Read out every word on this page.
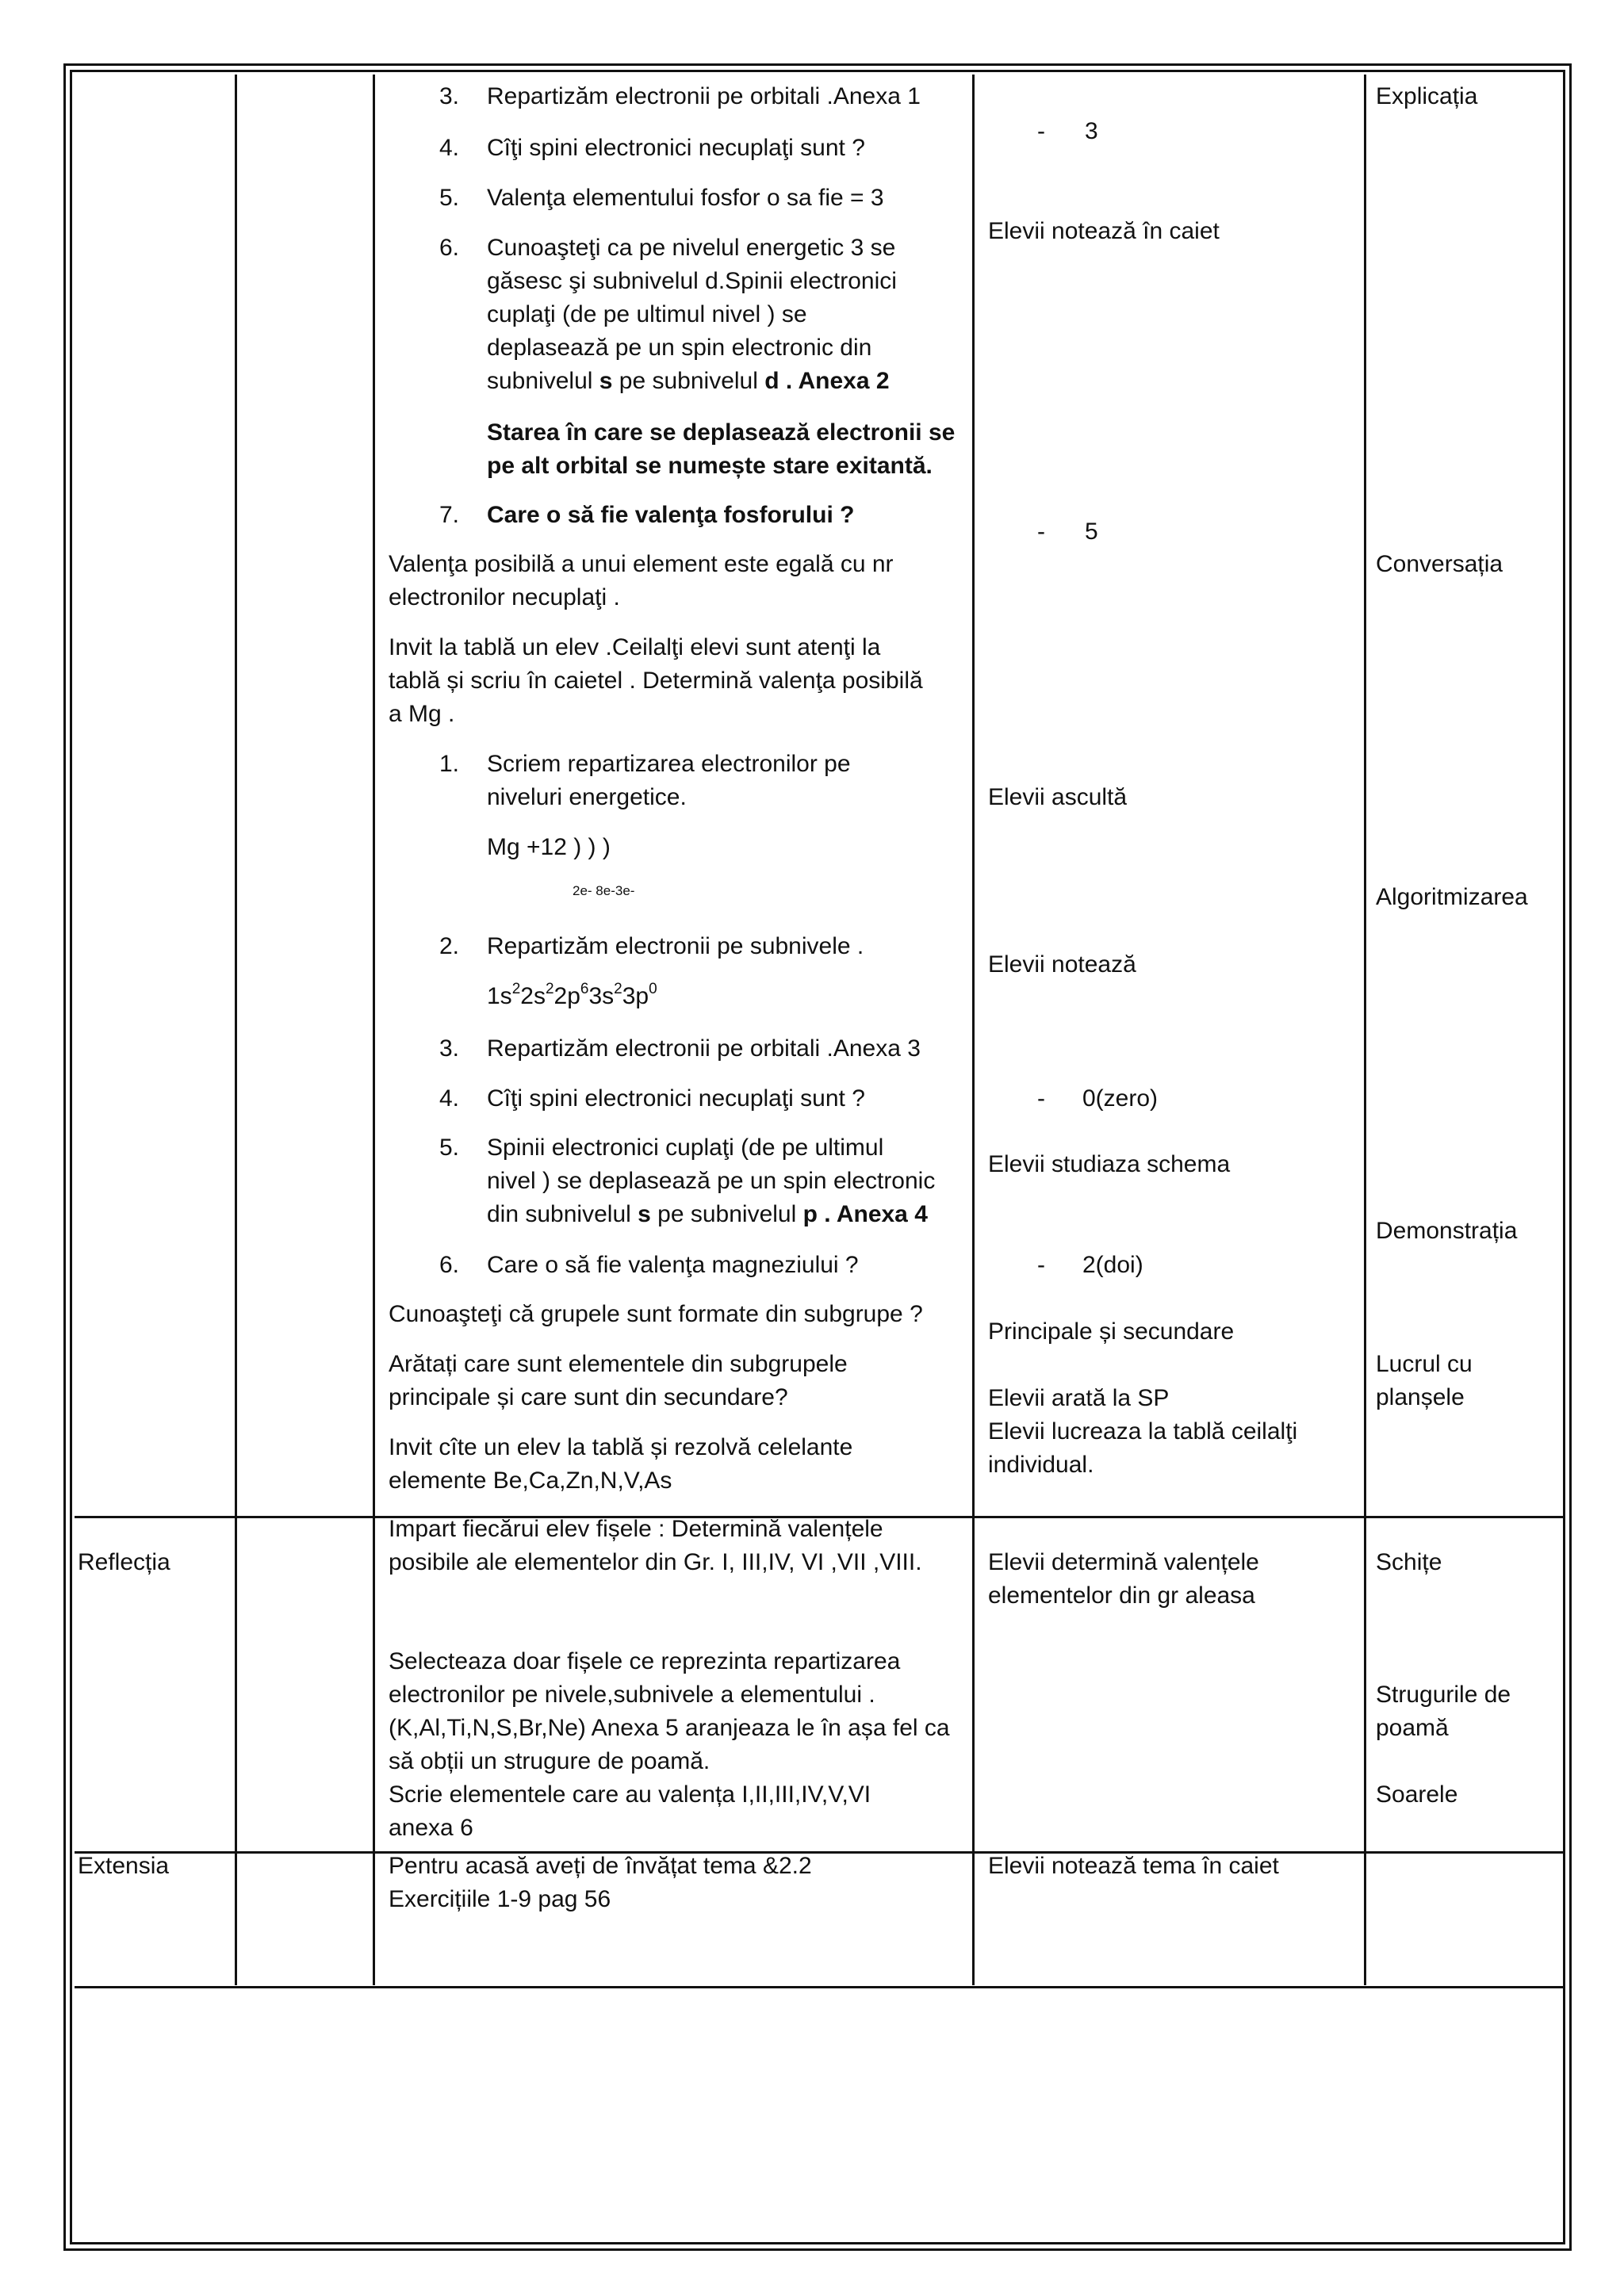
3. Repartizăm electronii pe orbitali .Anexa 1
4. Cîţi spini electronici necuplaţi sunt ?
5. Valenţa elementului fosfor o sa fie = 3
6. Cunoaşteţi ca pe nivelul energetic 3 se
găsesc şi subnivelul d.Spinii electronici
cuplaţi (de pe ultimul nivel ) se
deplasează pe un spin electronic din
subnivelul s pe subnivelul d . Anexa 2
Starea în care se deplasează electronii se
pe alt orbital se numește stare exitantă.
7. Care o să fie valenţa fosforului ?
Valenţa posibilă a unui element este egală cu nr
electronilor necuplaţi .
Invit la tablă un elev .Ceilalţi elevi sunt atenţi la
tablă și scriu în caietel . Determină valenţa posibilă
a Mg .
1. Scriem repartizarea electronilor pe
niveluri energetice.
Mg +12 ) ) )
2e- 8e-3e-
2. Repartizăm electronii pe subnivele .
$1s^22s^22p^63s^23p^0$
3. Repartizăm electronii pe orbitali .Anexa 3
4. Cîţi spini electronici necuplaţi sunt ?
5. Spinii electronici cuplaţi (de pe ultimul
nivel ) se deplasează pe un spin electronic
din subnivelul s pe subnivelul p . Anexa 4
6. Care o să fie valenţa magneziului ?
Cunoaşteţi că grupele sunt formate din subgrupe ?
Arătați care sunt elementele din subgrupele
principale și care sunt din secundare?
Invit cîte un elev la tablă și rezolvă celelante
elemente Be,Ca,Zn,N,V,As
- 3
Elevii notează în caiet
- 5
Elevii ascultă
Elevii notează
- 0(zero)
Elevii studiaza schema
- 2(doi)
Principale și secundare
Elevii arată la SP
Elevii lucreaza la tablă ceilalţi
individual.
Explicația
Conversația
Algoritmizarea
Demonstrația
Lucrul cu
planșele
Reflecția
Impart fiecărui elev fișele : Determină valențele
posibile ale elementelor din Gr. I, III,IV, VI ,VII ,VIII.
Selecteaza doar fișele ce reprezinta repartizarea
electronilor pe nivele,subnivele a elementului .
(K,Al,Ti,N,S,Br,Ne) Anexa 5 aranjeaza le în așa fel ca
să obții un strugure de poamă.
Scrie elementele care au valența I,II,III,IV,V,VI
anexa 6
Elevii determină valențele
elementelor din gr aleasa
Schițe
Strugurile de
poamă
Soarele
Extensia	Pentru acasă aveți de învățat tema &2.2
Exercițiile 1-9 pag 56
Elevii notează tema în caiet
